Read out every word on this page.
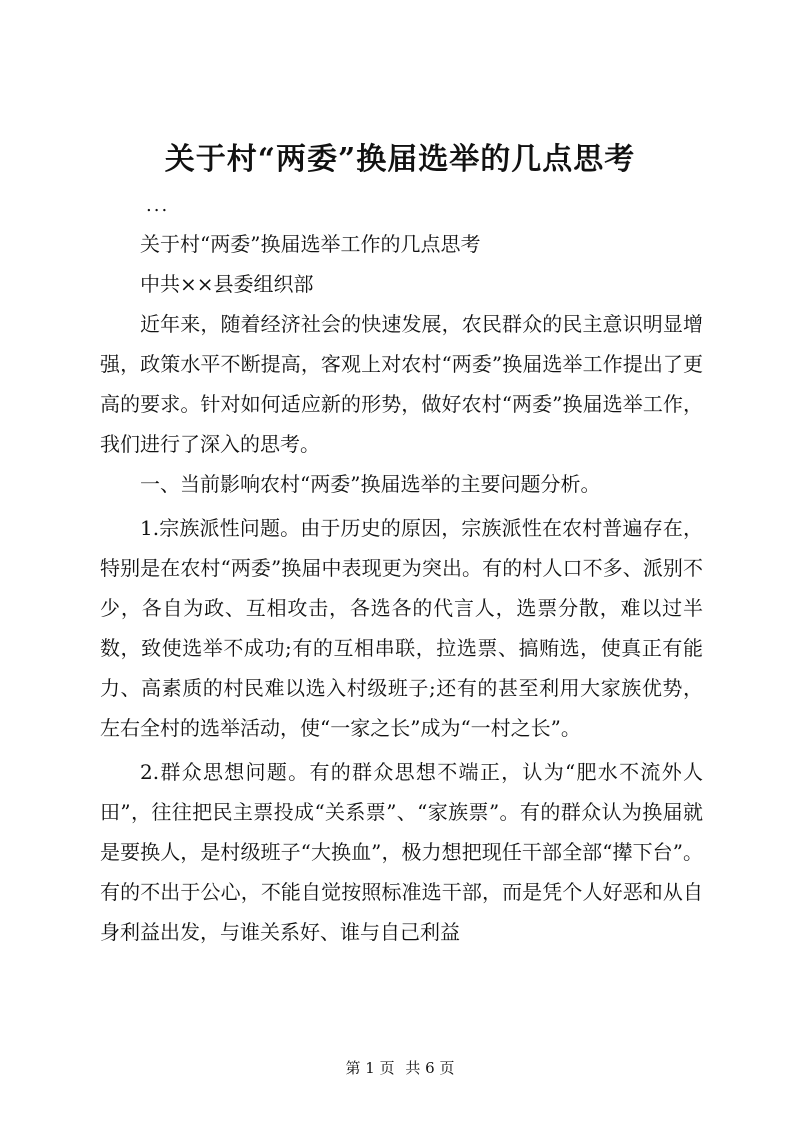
关于村“两委”换届选举的几点思考
...

关于村“两委”换届选举工作的几点思考

中共××县委组织部

近年来，随着经济社会的快速发展，农民群众的民主意识明显增强，政策水平不断提高，客观上对农村“两委”换届选举工作提出了更高的要求。针对如何适应新的形势，做好农村“两委”换届选举工作，我们进行了深入的思考。

一、当前影响农村“两委”换届选举的主要问题分析。

1.宗族派性问题。由于历史的原因，宗族派性在农村普遍存在，特别是在农村“两委”换届中表现更为突出。有的村人口不多、派别不少，各自为政、互相攻击，各选各的代言人，选票分散，难以过半数，致使选举不成功;有的互相串联，拉选票、搞贿选，使真正有能力、高素质的村民难以选入村级班子;还有的甚至利用大家族优势，左右全村的选举活动，使“一家之长”成为“一村之长”。

2.群众思想问题。有的群众思想不端正，认为“肥水不流外人田”，往往把民主票投成“关系票”、“家族票”。有的群众认为换届就是要换人，是村级班子“大换血”，极力想把现任干部全部“撵下台”。有的不出于公心，不能自觉按照标准选干部，而是凭个人好恶和从自身利益出发，与谁关系好、谁与自己利益

第 1 页 共 6 页
